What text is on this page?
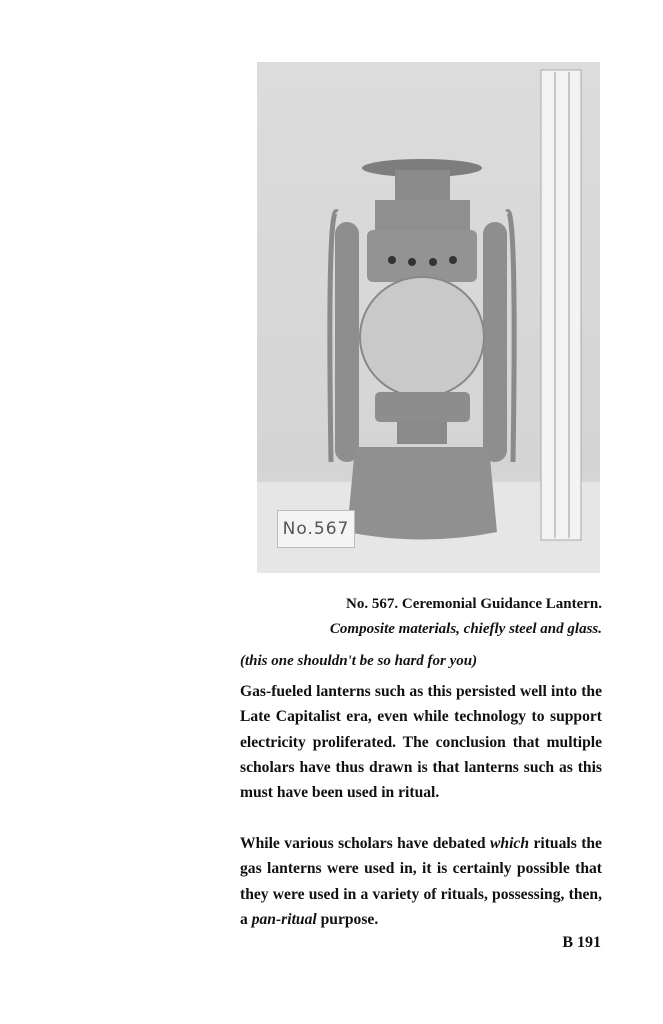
No.567
No. 567. Ceremonial Guidance Lantern.
Composite materials, chiefly steel and glass.
(this one shouldn't be so hard for you)
Gas-fueled lanterns such as this persisted well into the Late Capitalist era, even while technology to support electricity proliferated. The conclusion that multiple scholars have thus drawn is that lanterns such as this must have been used in ritual.
While various scholars have debated which rituals the gas lanterns were used in, it is certainly possible that they were used in a variety of rituals, possessing, then, a pan-ritual purpose.
B 191
